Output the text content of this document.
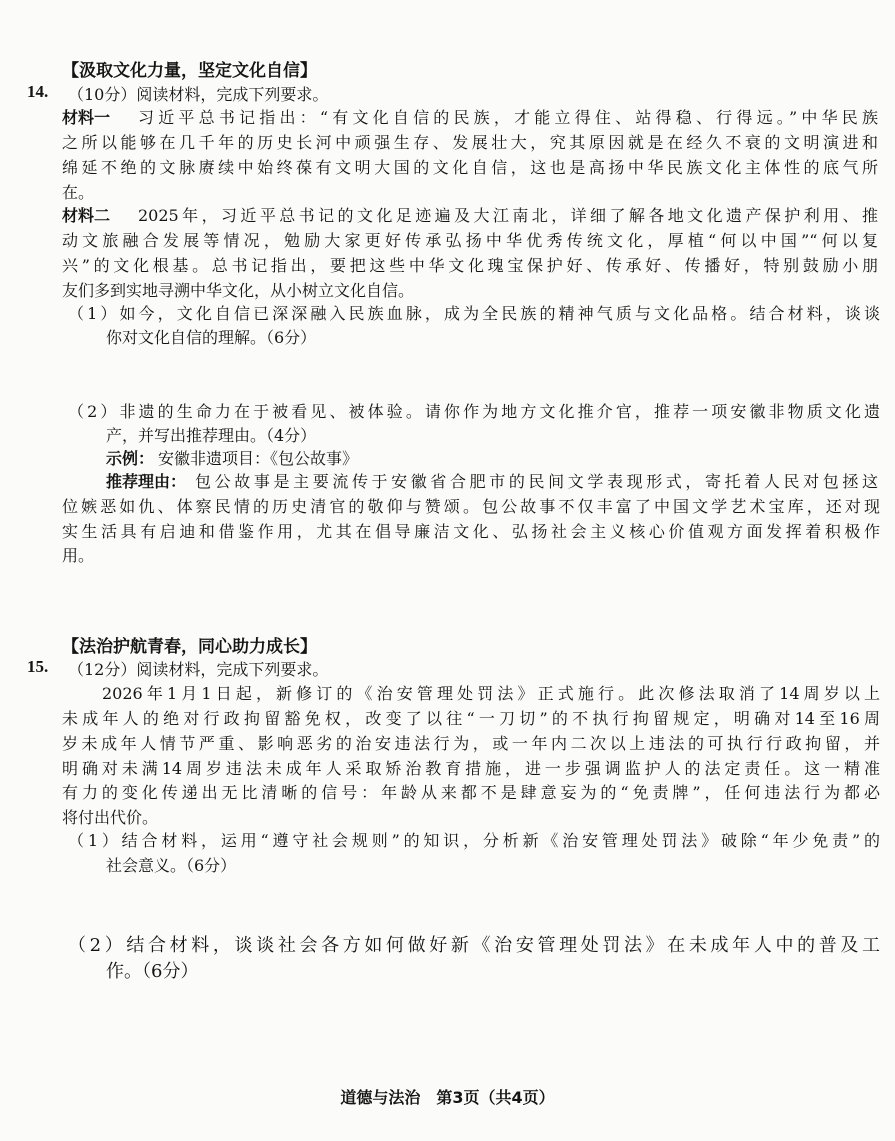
【汲取文化力量，坚定文化自信】
14. （10分）阅读材料，完成下列要求。
材料一 习近平总书记指出：“有文化自信的民族，才能立得住、站得稳、行得远。”中华民族
之所以能够在几千年的历史长河中顽强生存、发展壮大，究其原因就是在经久不衰的文明演进和
绵延不绝的文脉赓续中始终葆有文明大国的文化自信，这也是高扬中华民族文化主体性的底气所
在。
材料二 2025年，习近平总书记的文化足迹遍及大江南北，详细了解各地文化遗产保护利用、推
动文旅融合发展等情况，勉励大家更好传承弘扬中华优秀传统文化，厚植“何以中国”“何以复
兴”的文化根基。总书记指出，要把这些中华文化瑰宝保护好、传承好、传播好，特别鼓励小朋
友们多到实地寻溯中华文化，从小树立文化自信。
（1）如今，文化自信已深深融入民族血脉，成为全民族的精神气质与文化品格。结合材料，谈谈
你对文化自信的理解。（6分）
（2）非遗的生命力在于被看见、被体验。请你作为地方文化推介官，推荐一项安徽非物质文化遗
产，并写出推荐理由。（4分）
示例： 安徽非遗项目：《包公故事》
推荐理由： 包公故事是主要流传于安徽省合肥市的民间文学表现形式，寄托着人民对包拯这
位嫉恶如仇、体察民情的历史清官的敬仰与赞颂。包公故事不仅丰富了中国文学艺术宝库，还对现
实生活具有启迪和借鉴作用，尤其在倡导廉洁文化、弘扬社会主义核心价值观方面发挥着积极作
用。
【法治护航青春，同心助力成长】
15. （12分）阅读材料，完成下列要求。
2026年1月1日起，新修订的《治安管理处罚法》正式施行。此次修法取消了14周岁以上
未成年人的绝对行政拘留豁免权，改变了以往“一刀切”的不执行拘留规定，明确对14至16周
岁未成年人情节严重、影响恶劣的治安违法行为，或一年内二次以上违法的可执行行政拘留，并
明确对未满14周岁违法未成年人采取矫治教育措施，进一步强调监护人的法定责任。这一精准
有力的变化传递出无比清晰的信号：年龄从来都不是肆意妄为的“免责牌”，任何违法行为都必
将付出代价。
（1）结合材料，运用“遵守社会规则”的知识，分析新《治安管理处罚法》破除“年少免责”的
社会意义。（6分）
（2）结合材料，谈谈社会各方如何做好新《治安管理处罚法》在未成年人中的普及工
作。（6分）
道德与法治　第3页（共4页）
